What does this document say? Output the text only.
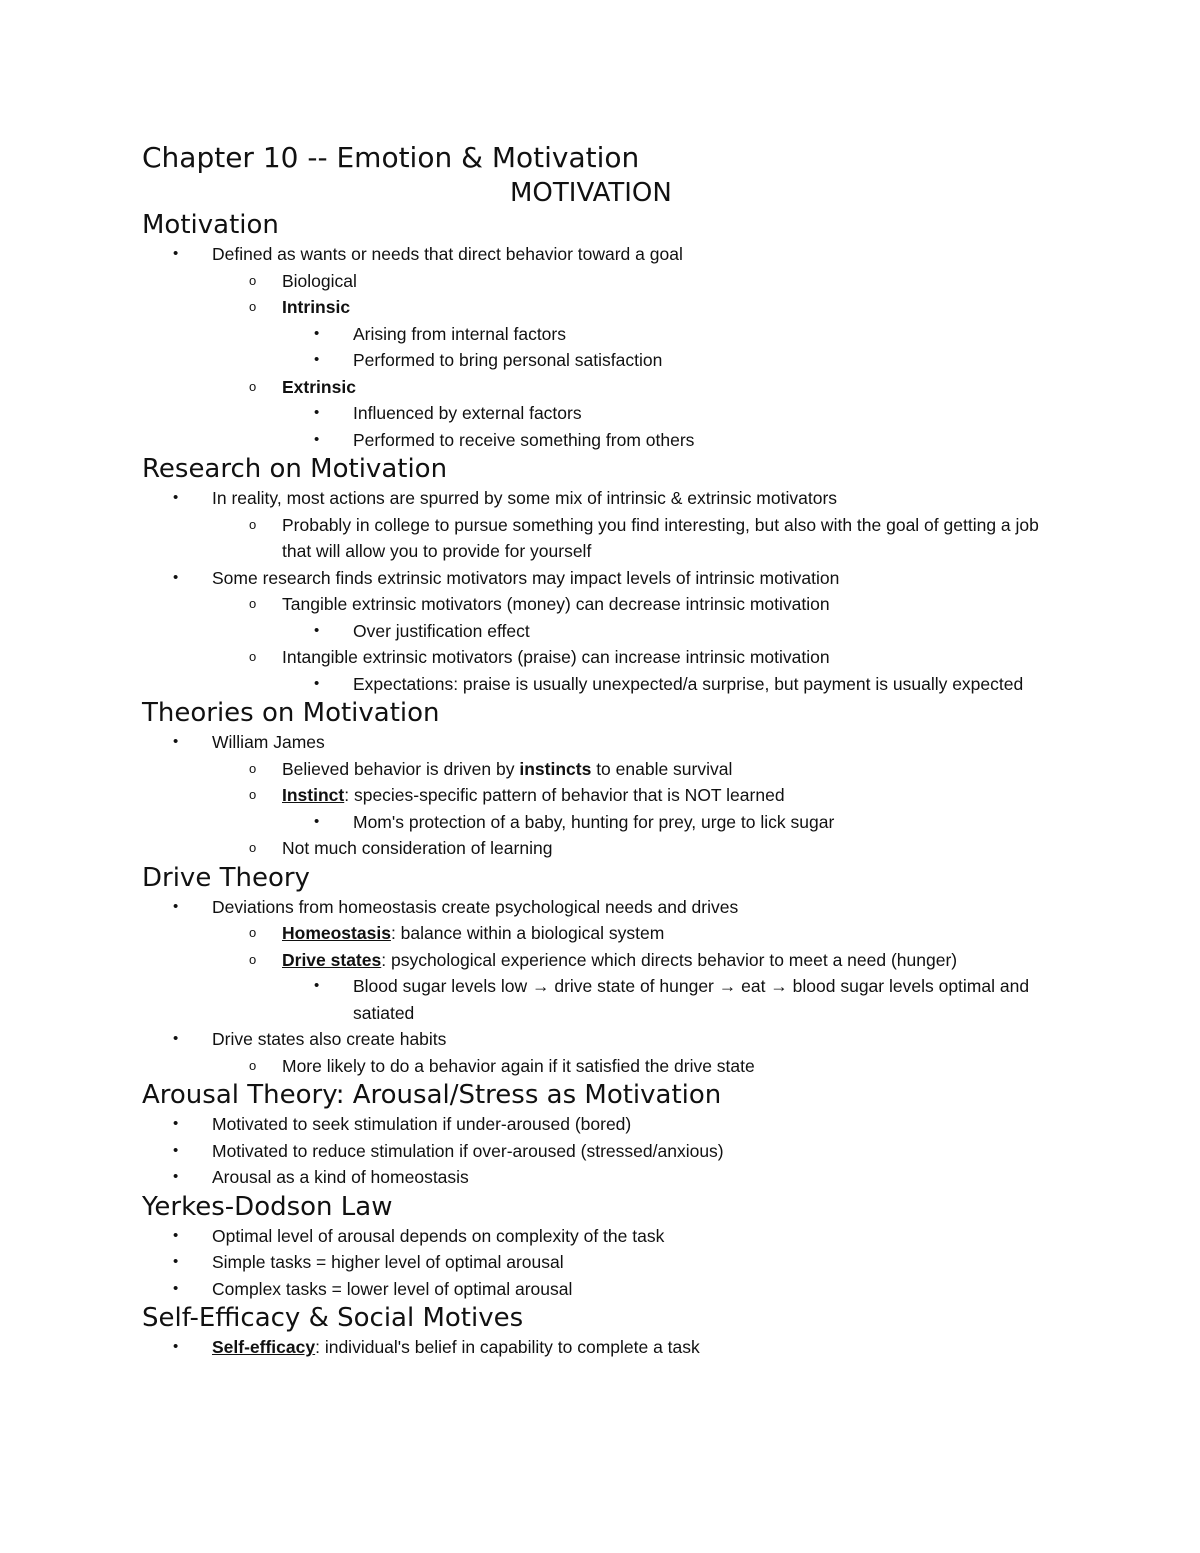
Chapter 10 -- Emotion & Motivation
MOTIVATION
Motivation
• Defined as wants or needs that direct behavior toward a goal
o Biological
o Intrinsic
• Arising from internal factors
• Performed to bring personal satisfaction
o Extrinsic
• Influenced by external factors
• Performed to receive something from others
Research on Motivation
• In reality, most actions are spurred by some mix of intrinsic & extrinsic motivators
o Probably in college to pursue something you find interesting, but also with the goal of getting a job that will allow you to provide for yourself
• Some research finds extrinsic motivators may impact levels of intrinsic motivation
o Tangible extrinsic motivators (money) can decrease intrinsic motivation
• Over justification effect
o Intangible extrinsic motivators (praise) can increase intrinsic motivation
• Expectations: praise is usually unexpected/a surprise, but payment is usually expected
Theories on Motivation
• William James
o Believed behavior is driven by instincts to enable survival
o Instinct: species-specific pattern of behavior that is NOT learned
• Mom's protection of a baby, hunting for prey, urge to lick sugar
o Not much consideration of learning
Drive Theory
• Deviations from homeostasis create psychological needs and drives
o Homeostasis: balance within a biological system
o Drive states: psychological experience which directs behavior to meet a need (hunger)
• Blood sugar levels low → drive state of hunger → eat → blood sugar levels optimal and satiated
• Drive states also create habits
o More likely to do a behavior again if it satisfied the drive state
Arousal Theory: Arousal/Stress as Motivation
• Motivated to seek stimulation if under-aroused (bored)
• Motivated to reduce stimulation if over-aroused (stressed/anxious)
• Arousal as a kind of homeostasis
Yerkes-Dodson Law
• Optimal level of arousal depends on complexity of the task
• Simple tasks = higher level of optimal arousal
• Complex tasks = lower level of optimal arousal
Self-Efficacy & Social Motives
• Self-efficacy: individual's belief in capability to complete a task
